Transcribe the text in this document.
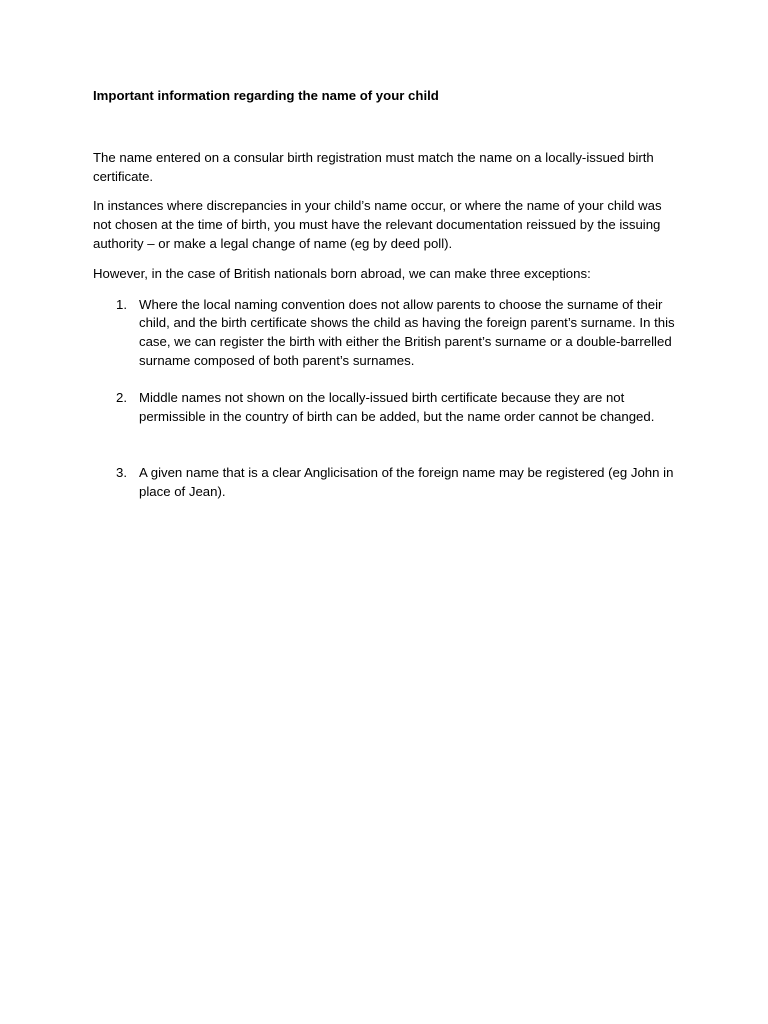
Important information regarding the name of your child

The name entered on a consular birth registration must match the name on a locally-issued birth certificate.

In instances where discrepancies in your child’s name occur, or where the name of your child was not chosen at the time of birth, you must have the relevant documentation reissued by the issuing authority – or make a legal change of name (eg by deed poll).

However, in the case of British nationals born abroad, we can make three exceptions:

1. Where the local naming convention does not allow parents to choose the surname of their child, and the birth certificate shows the child as having the foreign parent’s surname. In this case, we can register the birth with either the British parent’s surname or a double-barrelled surname composed of both parent’s surnames.
2. Middle names not shown on the locally-issued birth certificate because they are not permissible in the country of birth can be added, but the name order cannot be changed.
3. A given name that is a clear Anglicisation of the foreign name may be registered (eg John in place of Jean).
